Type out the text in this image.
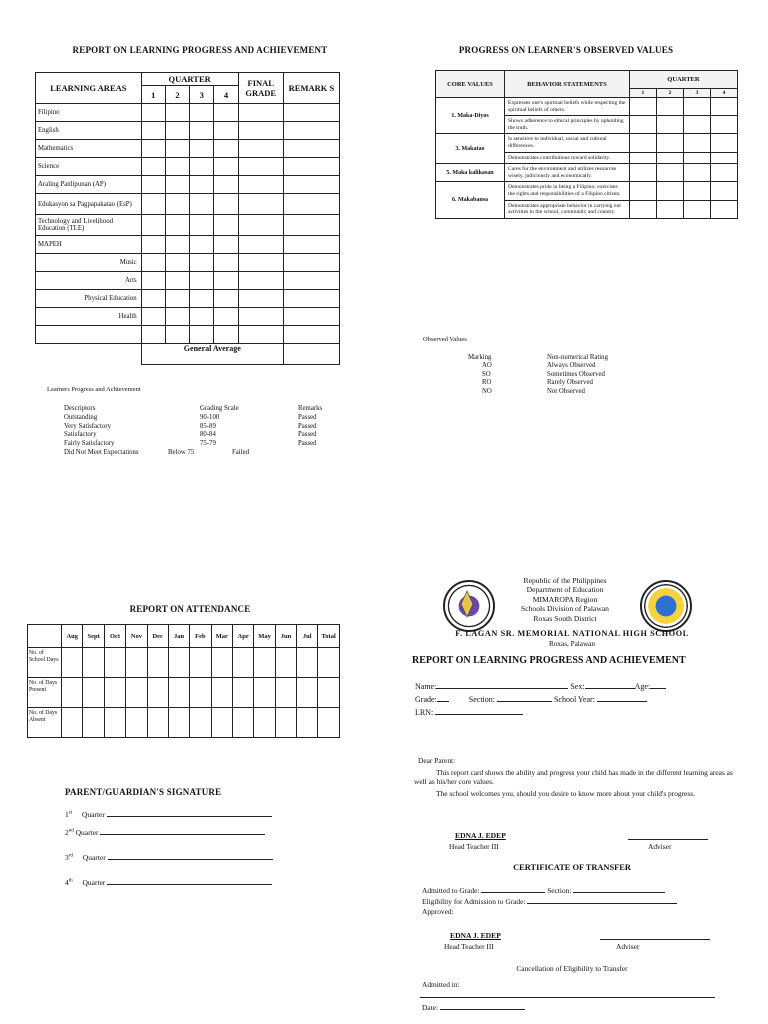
REPORT ON LEARNING PROGRESS AND ACHIEVEMENT
LEARNING AREAS	QUARTER				FINAL GRADE	REMARK S
	1	2	3	4		
Filipino						
English						
Mathematics						
Science						
Araling Panlipunan (AP)						
Edukasyon sa Pagpapakatao (EsP)						
Technology and Livelihood Education (TLE)						
MAPEH						
Music						
Arts						
Physical Education						
Health						

	General Average					
Learners Progress and Achievement
Descriptors	Grading Scale	Remarks
Outstanding	90-100	Passed
Very Satisfactory	85-89	Passed
Satisfactory	80-84	Passed
Fairly Satisfactory	75-79	Passed
Did Not Meet Expectations	Below 75	Failed
PROGRESS ON LEARNER'S OBSERVED VALUES
CORE VALUES	BEHAVIOR STATEMENTS	QUARTER			
		1	2	3	4
1. Maka-Diyos	Expresses one's spiritual beliefs while respecting the spiritual beliefs of others.				
	Shows adherence to ethical principles by upholding the truth.				
3. Makatao	Is sensitive to individual, social and cultural differences.				
	Demonstrates contributions toward solidarity.				
5. Maka kalikasan	Cares for the environment and utilizes resources wisely, judiciously and economically.				
6. Makabansa	Demonstrates pride in being a Filipino; exercises the rights and responsibilities of a Filipino citizen.				
	Demonstrates appropriate behavior in carrying out activities in the school, community and country.				
Observed Values
Marking	Non-numerical Rating
AO	Always Observed
SO	Sometimes Observed
RO	Rarely Observed
NO	Not Observed
REPORT ON ATTENDANCE
	Aug	Sept	Oct	Nov	Dec	Jan	Feb	Mar	Apr	May	Jun	Jul	Total
No. of School Days													
No. of Days Present													
No. of Days Absent													
PARENT/GUARDIAN'S SIGNATURE
1st Quarter
2nd Quarter
3rd Quarter
4th Quarter
Republic of the Philippines
Department of Education
MIMAROPA Region
Schools Division of Palawan
Roxas South District
F. LAGAN SR. MEMORIAL NATIONAL HIGH SCHOOL
Roxas, Palawan
REPORT ON LEARNING PROGRESS AND ACHIEVEMENT
Name:	Sex:	Age:
Grade:	Section:	School Year:
LRN:
Dear Parent:
This report card shows the ability and progress your child has made in the different learning areas as well as his/her core values.
The school welcomes you, should you desire to know more about your child's progress.
EDNA J. EDEP
Head Teacher III	Adviser
CERTIFICATE OF TRANSFER
Admitted to Grade:	Section:
Eligibility for Admission to Grade:
Approved:
EDNA J. EDEP
Head Teacher III	Adviser
Cancellation of Eligibility to Transfer
Admitted in:
Date:
